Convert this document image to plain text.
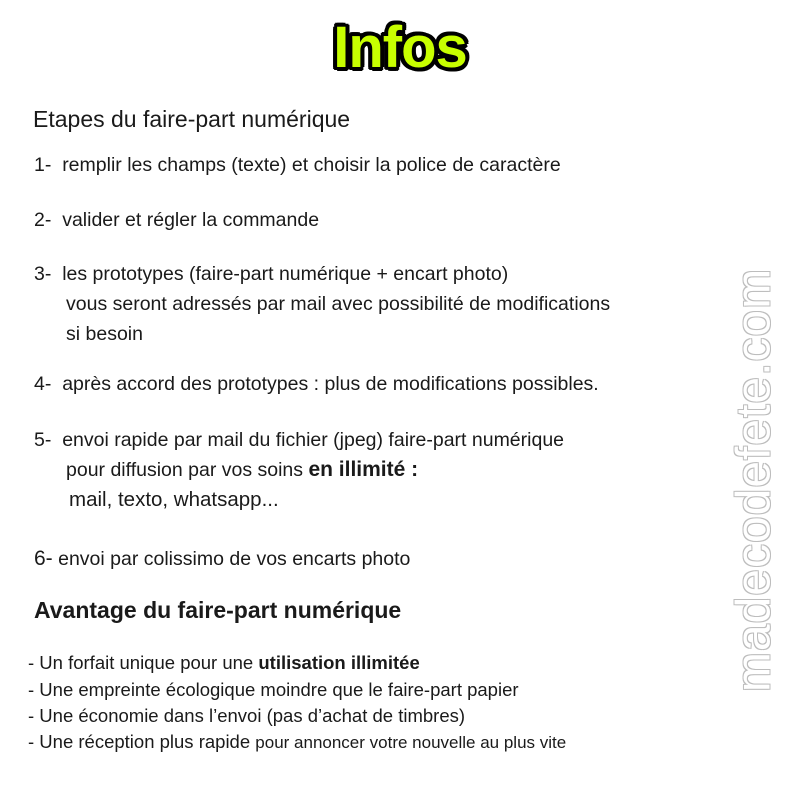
Infos
Etapes du faire-part numérique
1- remplir les champs (texte) et choisir la police de caractère
2- valider et régler la commande
3- les prototypes (faire-part numérique + encart photo)
vous seront adressés par mail avec possibilité de modifications
si besoin
4- après accord des prototypes : plus de modifications possibles.
5- envoi rapide par mail du fichier (jpeg) faire-part numérique
pour diffusion par vos soins en illimité :
mail, texto, whatsapp...
6- envoi par colissimo de vos encarts photo
Avantage du faire-part numérique
- Un forfait unique pour une utilisation illimitée
- Une empreinte écologique moindre que le faire-part papier
- Une économie dans l’envoi (pas d’achat de timbres)
- Une réception plus rapide pour annoncer votre nouvelle au plus vite
madecodefete.com
